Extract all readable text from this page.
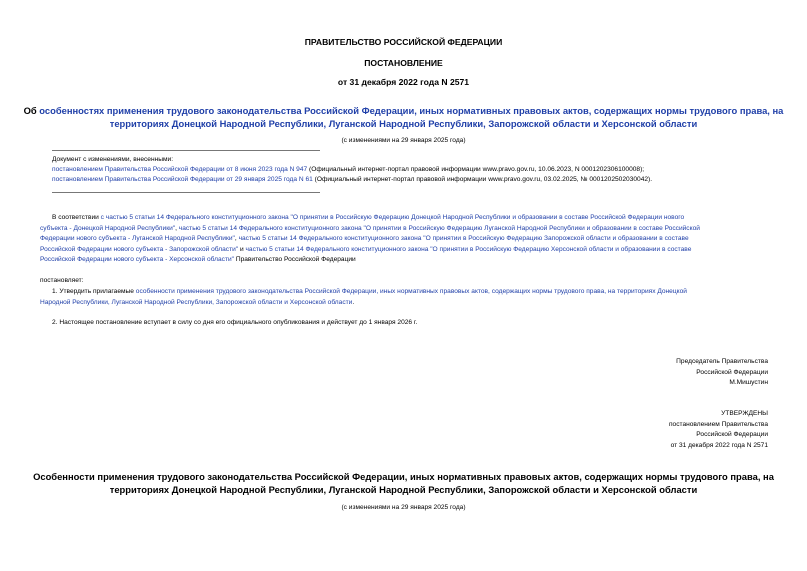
ПРАВИТЕЛЬСТВО РОССИЙСКОЙ ФЕДЕРАЦИИ
ПОСТАНОВЛЕНИЕ
от 31 декабря 2022 года N 2571
Об особенностях применения трудового законодательства Российской Федерации, иных нормативных правовых актов, содержащих нормы трудового права, на
территориях Донецкой Народной Республики, Луганской Народной Республики, Запорожской области и Херсонской области
(с изменениями на 29 января 2025 года)
Документ с изменениями, внесенными:
постановлением Правительства Российской Федерации от 8 июня 2023 года N 947 (Официальный интернет-портал правовой информации www.pravo.gov.ru, 10.06.2023, N 0001202306100008);
постановлением Правительства Российской Федерации от 29 января 2025 года N 61 (Официальный интернет-портал правовой информации www.pravo.gov.ru, 03.02.2025, № 0001202502030042).
В соответствии с частью 5 статьи 14 Федерального конституционного закона "О принятии в Российскую Федерацию Донецкой Народной Республики и образовании в составе Российской Федерации нового
субъекта - Донецкой Народной Республики", частью 5 статьи 14 Федерального конституционного закона "О принятии в Российскую Федерацию Луганской Народной Республики и образовании в составе Российской
Федерации нового субъекта - Луганской Народной Республики", частью 5 статьи 14 Федерального конституционного закона "О принятии в Российскую Федерацию Запорожской области и образовании в составе
Российской Федерации нового субъекта - Запорожской области" и частью 5 статьи 14 Федерального конституционного закона "О принятии в Российскую Федерацию Херсонской области и образовании в составе
Российской Федерации нового субъекта - Херсонской области" Правительство Российской Федерации
постановляет:
1. Утвердить прилагаемые особенности применения трудового законодательства Российской Федерации, иных нормативных правовых актов, содержащих нормы трудового права, на территориях Донецкой
Народной Республики, Луганской Народной Республики, Запорожской области и Херсонской области.
2. Настоящее постановление вступает в силу со дня его официального опубликования и действует до 1 января 2026 г.
Председатель Правительства
Российской Федерации
М.Мишустин
УТВЕРЖДЕНЫ
постановлением Правительства
Российской Федерации
от 31 декабря 2022 года N 2571
Особенности применения трудового законодательства Российской Федерации, иных нормативных правовых актов, содержащих нормы трудового права, на
территориях Донецкой Народной Республики, Луганской Народной Республики, Запорожской области и Херсонской области
(с изменениями на 29 января 2025 года)
